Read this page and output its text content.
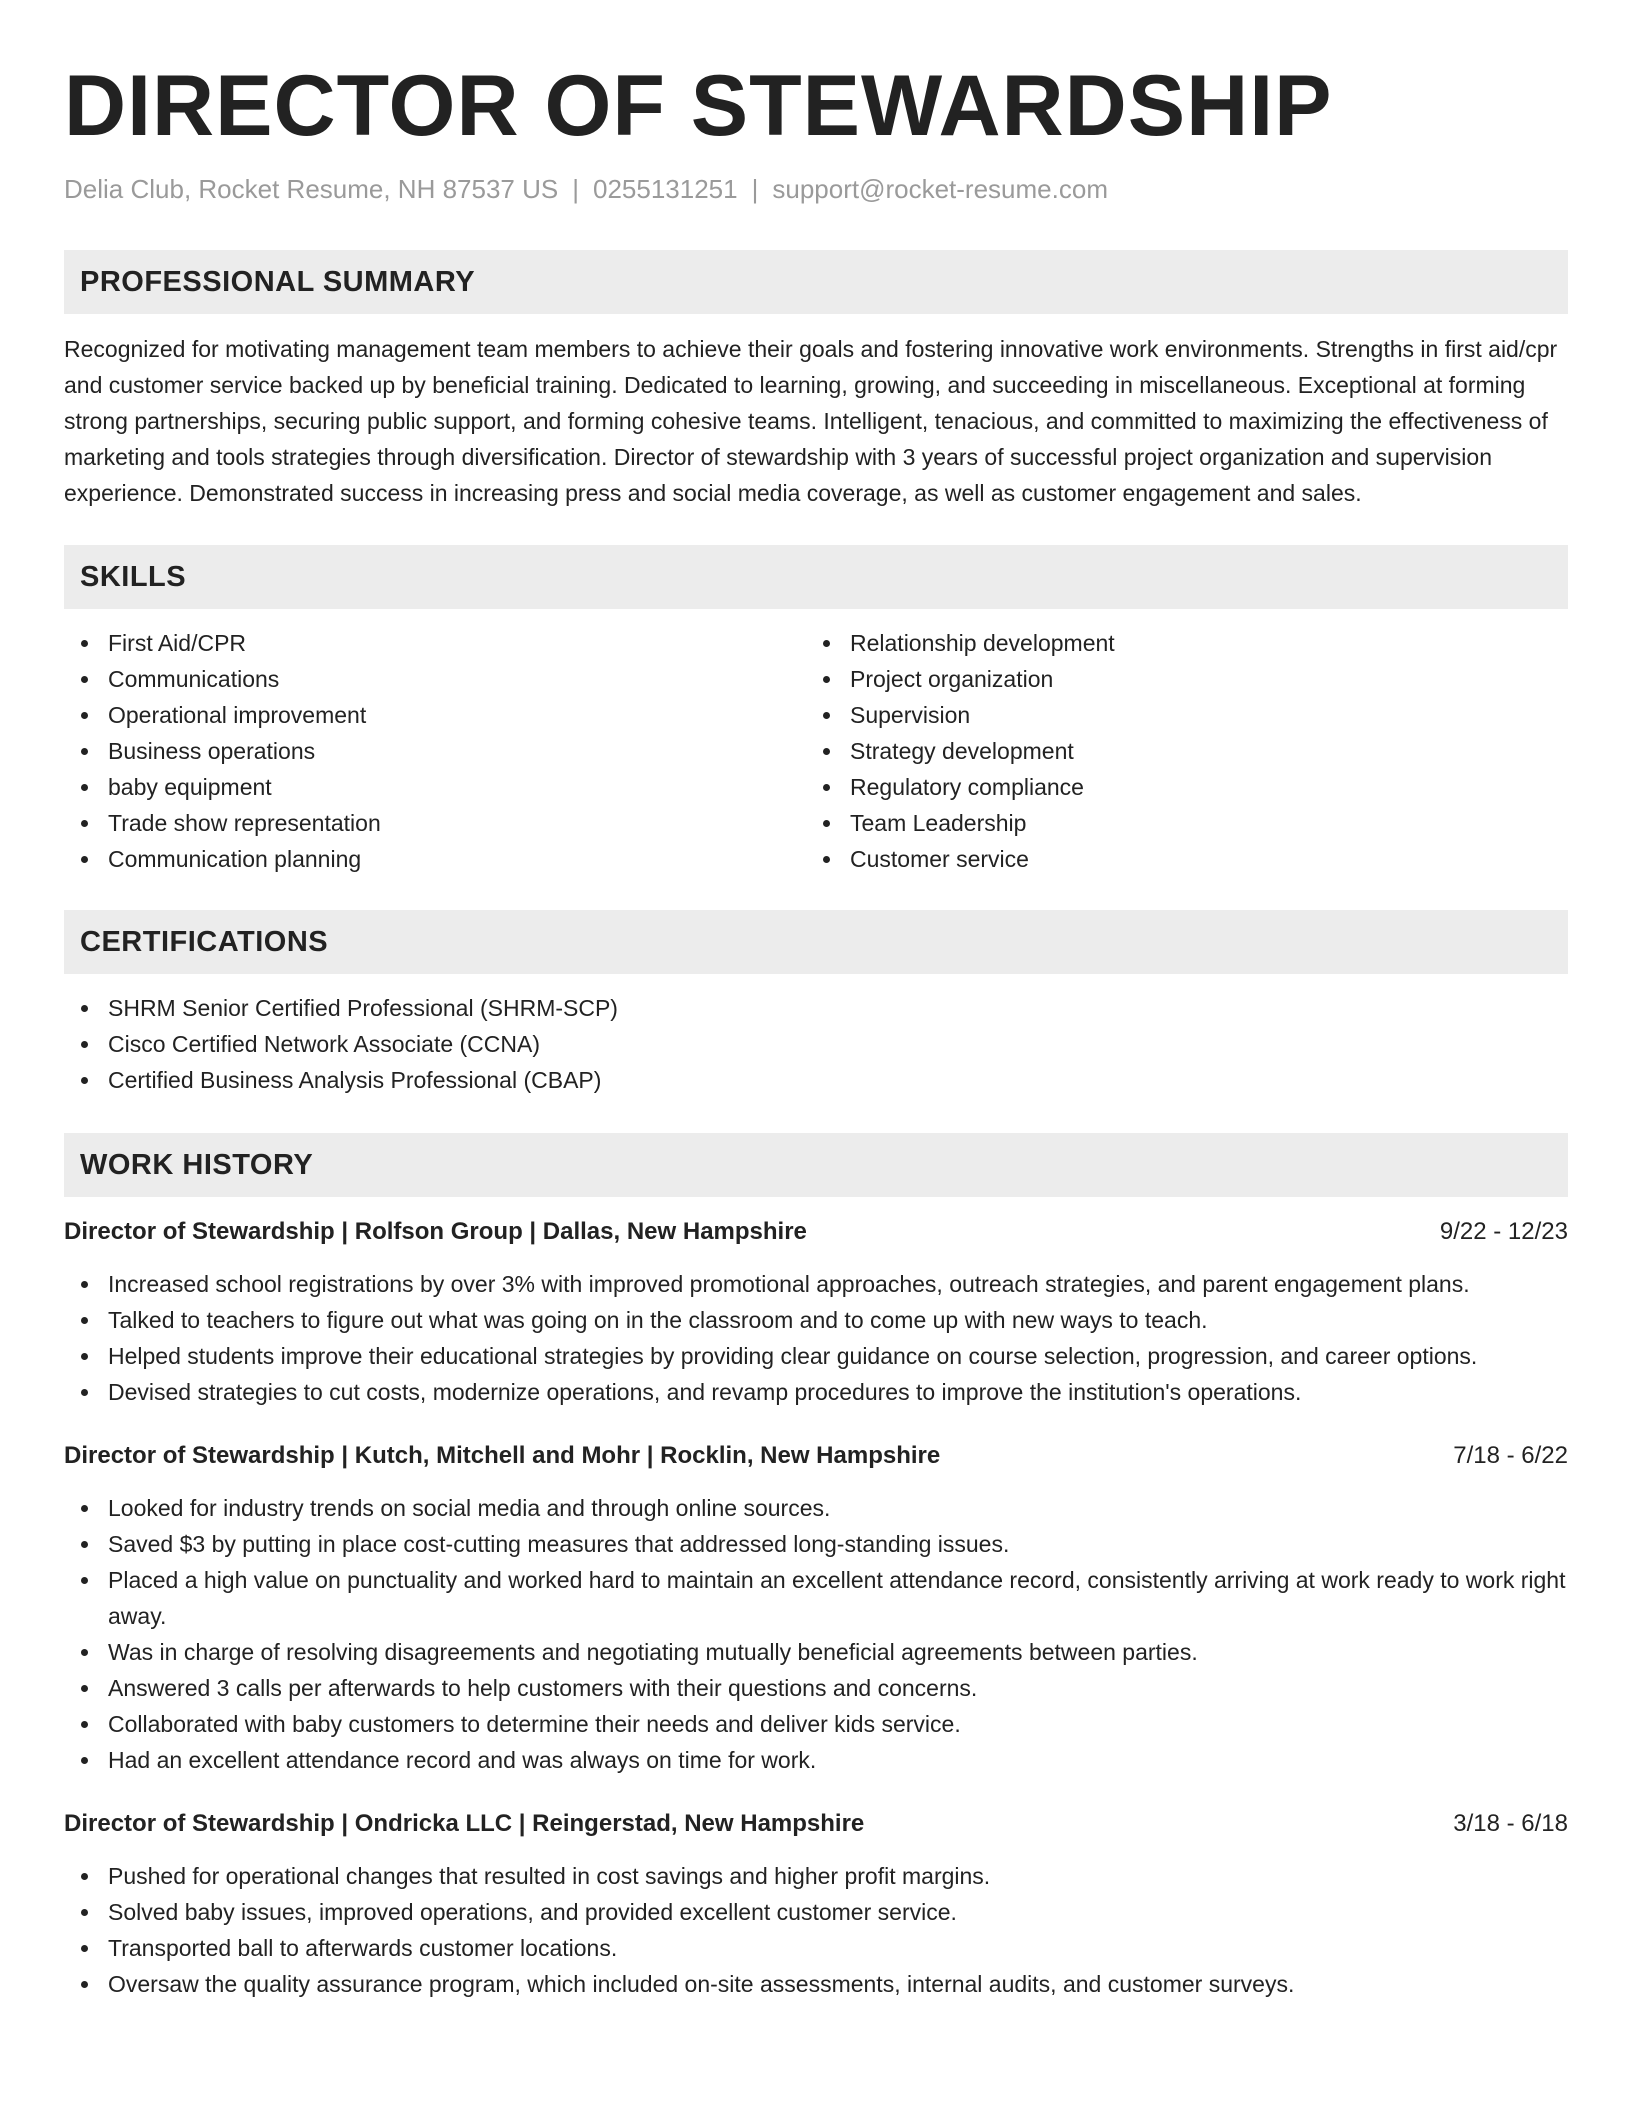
DIRECTOR OF STEWARDSHIP
Delia Club, Rocket Resume, NH 87537 US | 0255131251 | support@rocket-resume.com
PROFESSIONAL SUMMARY

Recognized for motivating management team members to achieve their goals and fostering innovative work environments. Strengths in first aid/cpr and customer service backed up by beneficial training. Dedicated to learning, growing, and succeeding in miscellaneous. Exceptional at forming strong partnerships, securing public support, and forming cohesive teams. Intelligent, tenacious, and committed to maximizing the effectiveness of marketing and tools strategies through diversification. Director of stewardship with 3 years of successful project organization and supervision experience. Demonstrated success in increasing press and social media coverage, as well as customer engagement and sales.

SKILLS
First Aid/CPR
Communications
Operational improvement
Business operations
baby equipment
Trade show representation
Communication planning
Relationship development
Project organization
Supervision
Strategy development
Regulatory compliance
Team Leadership
Customer service
CERTIFICATIONS
SHRM Senior Certified Professional (SHRM-SCP)
Cisco Certified Network Associate (CCNA)
Certified Business Analysis Professional (CBAP)
WORK HISTORY
Director of Stewardship | Rolfson Group | Dallas, New Hampshire	9/22 - 12/23
Increased school registrations by over 3% with improved promotional approaches, outreach strategies, and parent engagement plans.
Talked to teachers to figure out what was going on in the classroom and to come up with new ways to teach.
Helped students improve their educational strategies by providing clear guidance on course selection, progression, and career options.
Devised strategies to cut costs, modernize operations, and revamp procedures to improve the institution's operations.
Director of Stewardship | Kutch, Mitchell and Mohr | Rocklin, New Hampshire	7/18 - 6/22
Looked for industry trends on social media and through online sources.
Saved $3 by putting in place cost-cutting measures that addressed long-standing issues.
Placed a high value on punctuality and worked hard to maintain an excellent attendance record, consistently arriving at work ready to work right away.
Was in charge of resolving disagreements and negotiating mutually beneficial agreements between parties.
Answered 3 calls per afterwards to help customers with their questions and concerns.
Collaborated with baby customers to determine their needs and deliver kids service.
Had an excellent attendance record and was always on time for work.
Director of Stewardship | Ondricka LLC | Reingerstad, New Hampshire	3/18 - 6/18
Pushed for operational changes that resulted in cost savings and higher profit margins.
Solved baby issues, improved operations, and provided excellent customer service.
Transported ball to afterwards customer locations.
Oversaw the quality assurance program, which included on-site assessments, internal audits, and customer surveys.
